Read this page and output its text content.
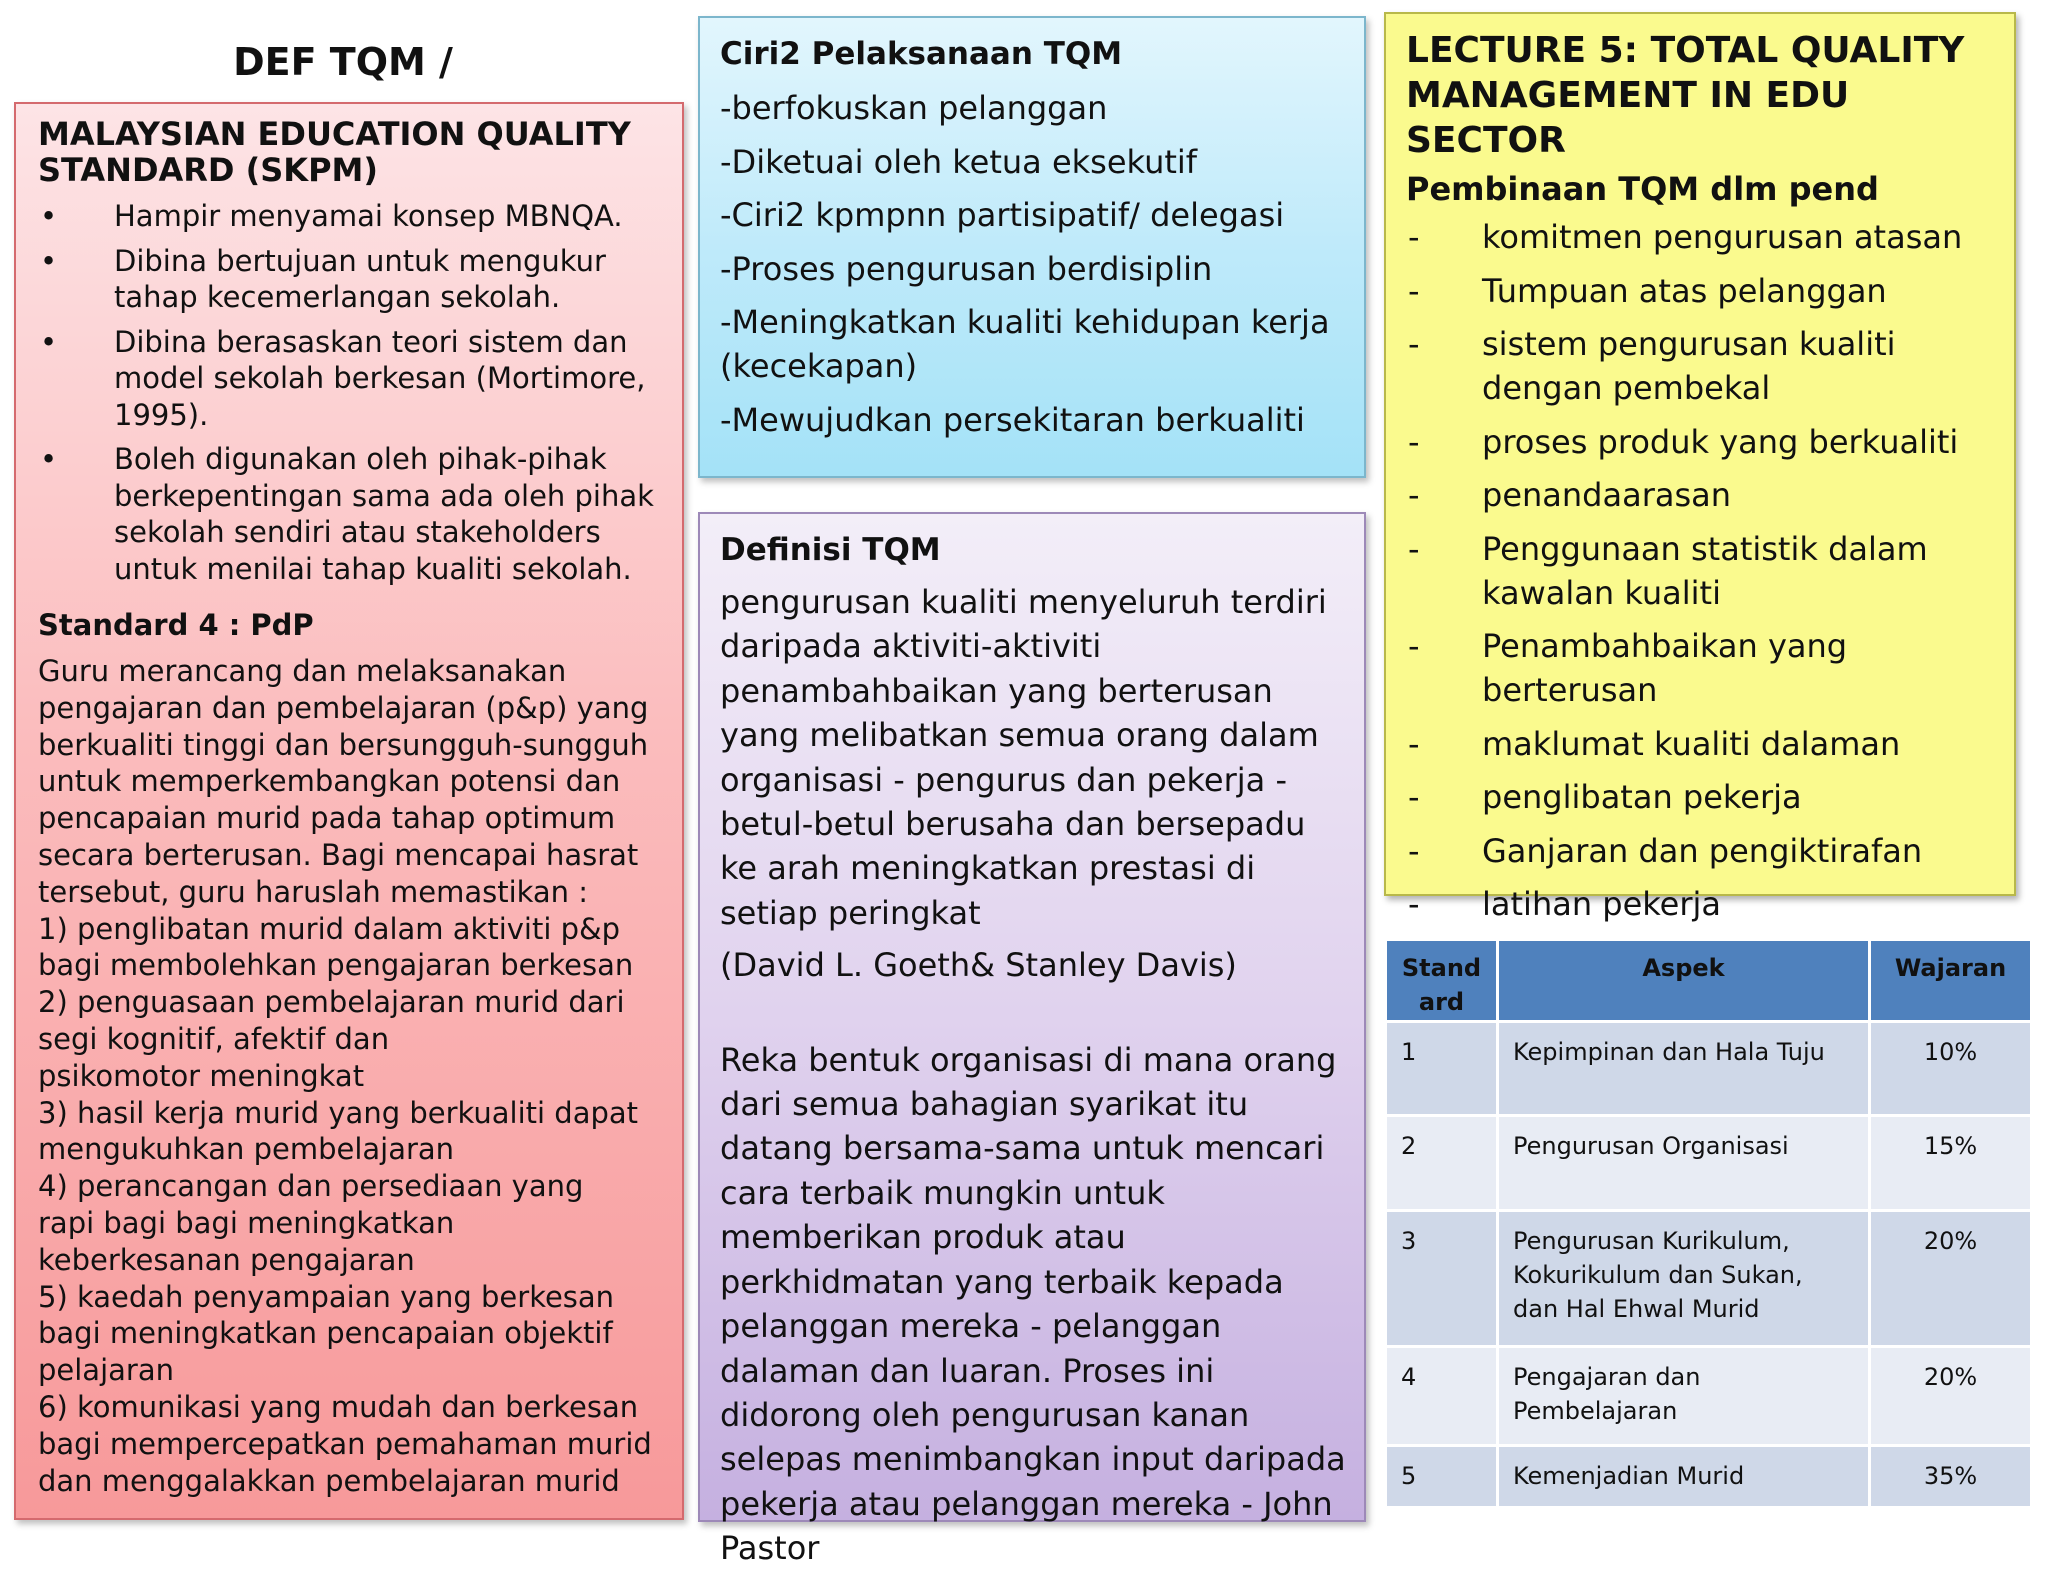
DEF TQM /
MALAYSIAN EDUCATION QUALITY STANDARD (SKPM)
• Hampir menyamai konsep MBNQA.
• Dibina bertujuan untuk mengukur tahap kecemerlangan sekolah.
• Dibina berasaskan teori sistem dan model sekolah berkesan (Mortimore, 1995).
• Boleh digunakan oleh pihak-pihak berkepentingan sama ada oleh pihak sekolah sendiri atau stakeholders untuk menilai tahap kualiti sekolah.
Standard 4 : PdP

Guru merancang dan melaksanakan pengajaran dan pembelajaran (p&p) yang berkualiti tinggi dan bersungguh-sungguh untuk memperkembangkan potensi dan pencapaian murid pada tahap optimum secara berterusan. Bagi mencapai hasrat tersebut, guru haruslah memastikan :
1) penglibatan murid dalam aktiviti p&p bagi membolehkan pengajaran berkesan
2) penguasaan pembelajaran murid dari segi kognitif, afektif dan
psikomotor meningkat
3) hasil kerja murid yang berkualiti dapat mengukuhkan pembelajaran
4) perancangan dan persediaan yang
rapi bagi bagi meningkatkan keberkesanan pengajaran
5) kaedah penyampaian yang berkesan bagi meningkatkan pencapaian objektif pelajaran
6) komunikasi yang mudah dan berkesan bagi mempercepatkan pemahaman murid dan menggalakkan pembelajaran murid

Ciri2 Pelaksanaan TQM
-berfokuskan pelanggan
-Diketuai oleh ketua eksekutif
-Ciri2 kpmpnn partisipatif/ delegasi
-Proses pengurusan berdisiplin
-Meningkatkan kualiti kehidupan kerja (kecekapan)
-Mewujudkan persekitaran berkualiti
Definisi TQM

pengurusan kualiti menyeluruh terdiri daripada aktiviti-aktiviti penambahbaikan yang berterusan yang melibatkan semua orang dalam organisasi - pengurus dan pekerja - betul-betul berusaha dan bersepadu ke arah meningkatkan prestasi di setiap peringkat

(David L. Goeth& Stanley Davis)

Reka bentuk organisasi di mana orang dari semua bahagian syarikat itu datang bersama-sama untuk mencari cara terbaik mungkin untuk memberikan produk atau perkhidmatan yang terbaik kepada pelanggan mereka - pelanggan dalaman dan luaran. Proses ini didorong oleh pengurusan kanan selepas menimbangkan input daripada pekerja atau pelanggan mereka - John Pastor

LECTURE 5: TOTAL QUALITY MANAGEMENT IN EDU SECTOR
Pembinaan TQM dlm pend
- komitmen pengurusan atasan
- Tumpuan atas pelanggan
- sistem pengurusan kualiti dengan pembekal
- proses produk yang berkualiti
- penandaarasan
- Penggunaan statistik dalam kawalan kualiti
- Penambahbaikan yang berterusan
- maklumat kualiti dalaman
- penglibatan pekerja
- Ganjaran dan pengiktirafan
- latihan pekerja
Stand ard	Aspek	Wajaran
1	Kepimpinan dan Hala Tuju	10%
2	Pengurusan Organisasi	15%
3	Pengurusan Kurikulum, Kokurikulum dan Sukan, dan Hal Ehwal Murid	20%
4	Pengajaran dan Pembelajaran	20%
5	Kemenjadian Murid	35%
